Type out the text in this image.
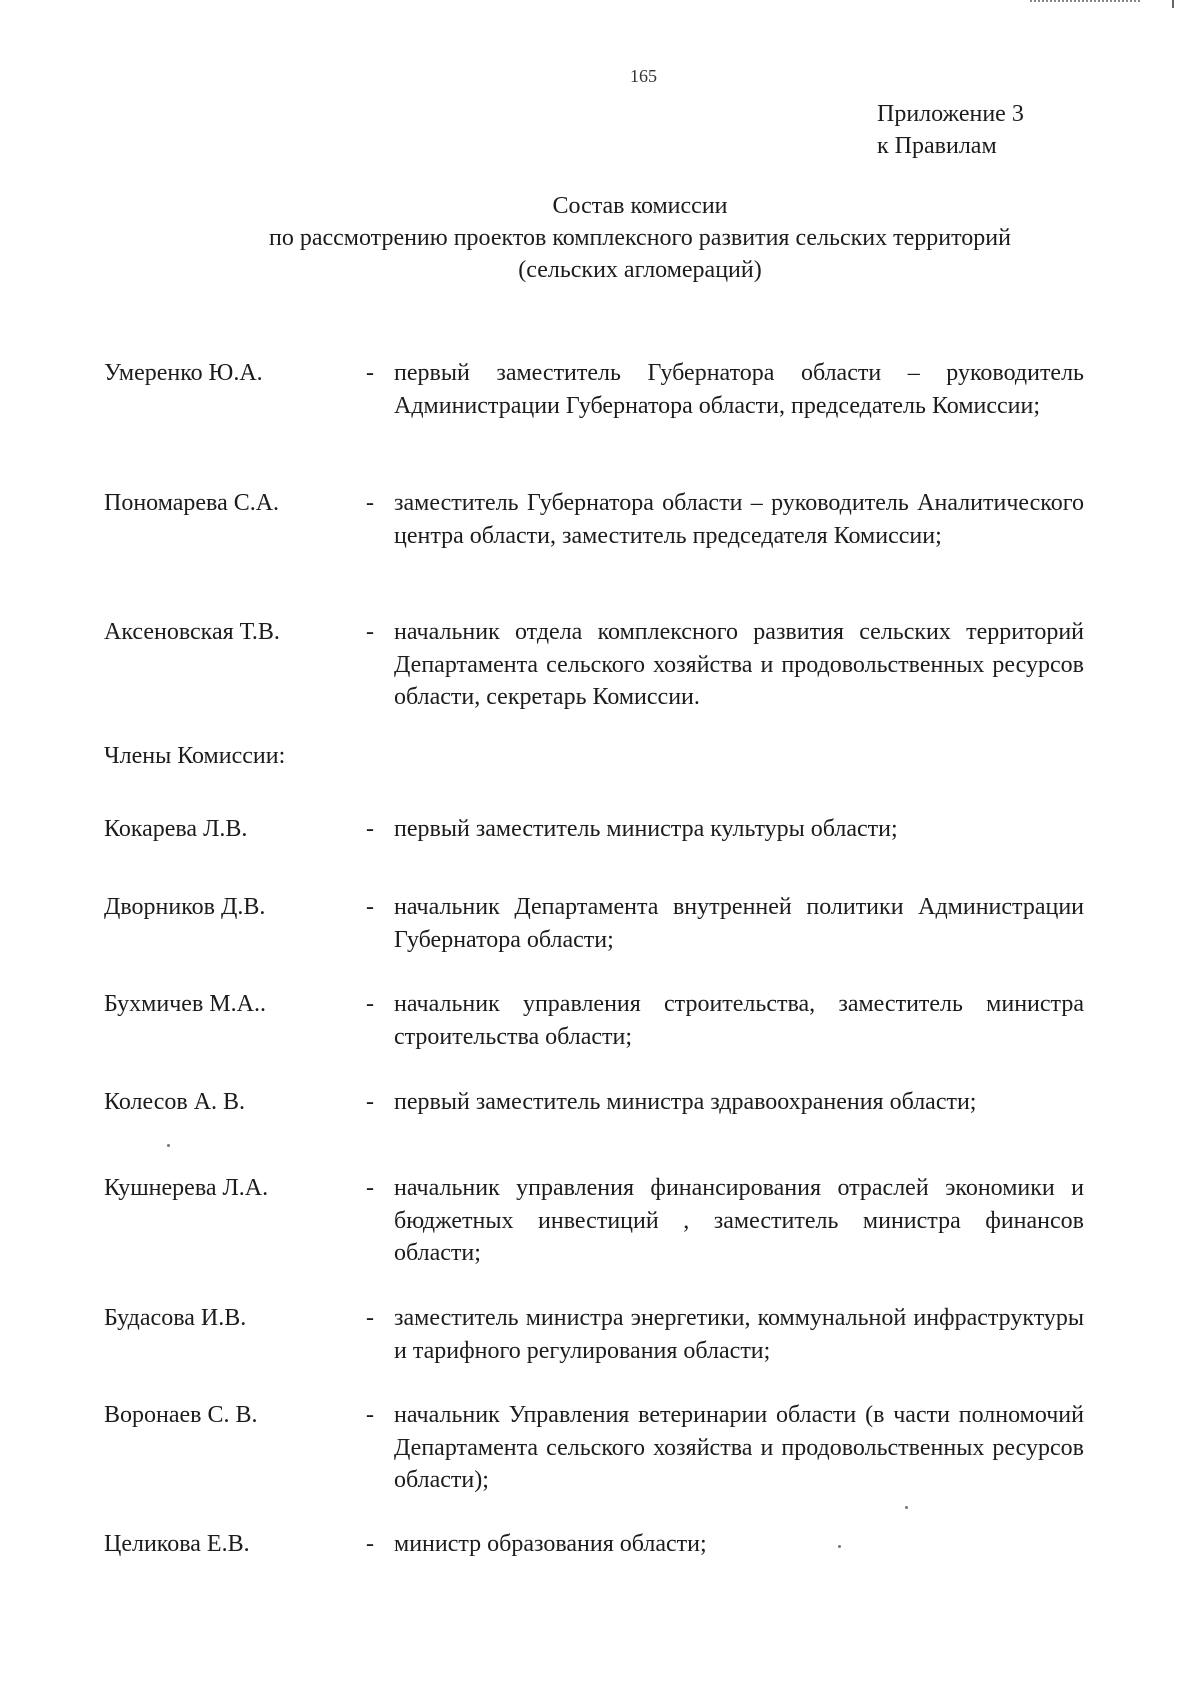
165
Приложение 3
к Правилам
Состав комиссии
по рассмотрению проектов комплексного развития сельских территорий
(сельских агломераций)
Умеренко Ю.А.	- первый заместитель Губернатора области – руководитель Администрации Губернатора области, председатель Комиссии;
Пономарева С.А.	- заместитель Губернатора области – руководитель Аналитического центра области, заместитель председателя Комиссии;
Аксеновская Т.В.	- начальник отдела комплексного развития сельских территорий Департамента сельского хозяйства и продовольственных ресурсов области, секретарь Комиссии.
Члены Комиссии:
Кокарева Л.В.	- первый заместитель министра культуры области;
Дворников Д.В.	- начальник Департамента внутренней политики Администрации Губернатора области;
Бухмичев М.А..	- начальник управления строительства, заместитель министра строительства области;
Колесов А. В.	- первый заместитель министра здравоохранения области;
Кушнерева Л.А.	- начальник управления финансирования отраслей экономики и бюджетных инвестиций , заместитель министра финансов области;
Будасова И.В.	- заместитель министра энергетики, коммунальной инфраструктуры и тарифного регулирования области;
Воронаев С. В.	- начальник Управления ветеринарии области (в части полномочий Департамента сельского хозяйства и продовольственных ресурсов области);
Целикова Е.В.	- министр образования области;
